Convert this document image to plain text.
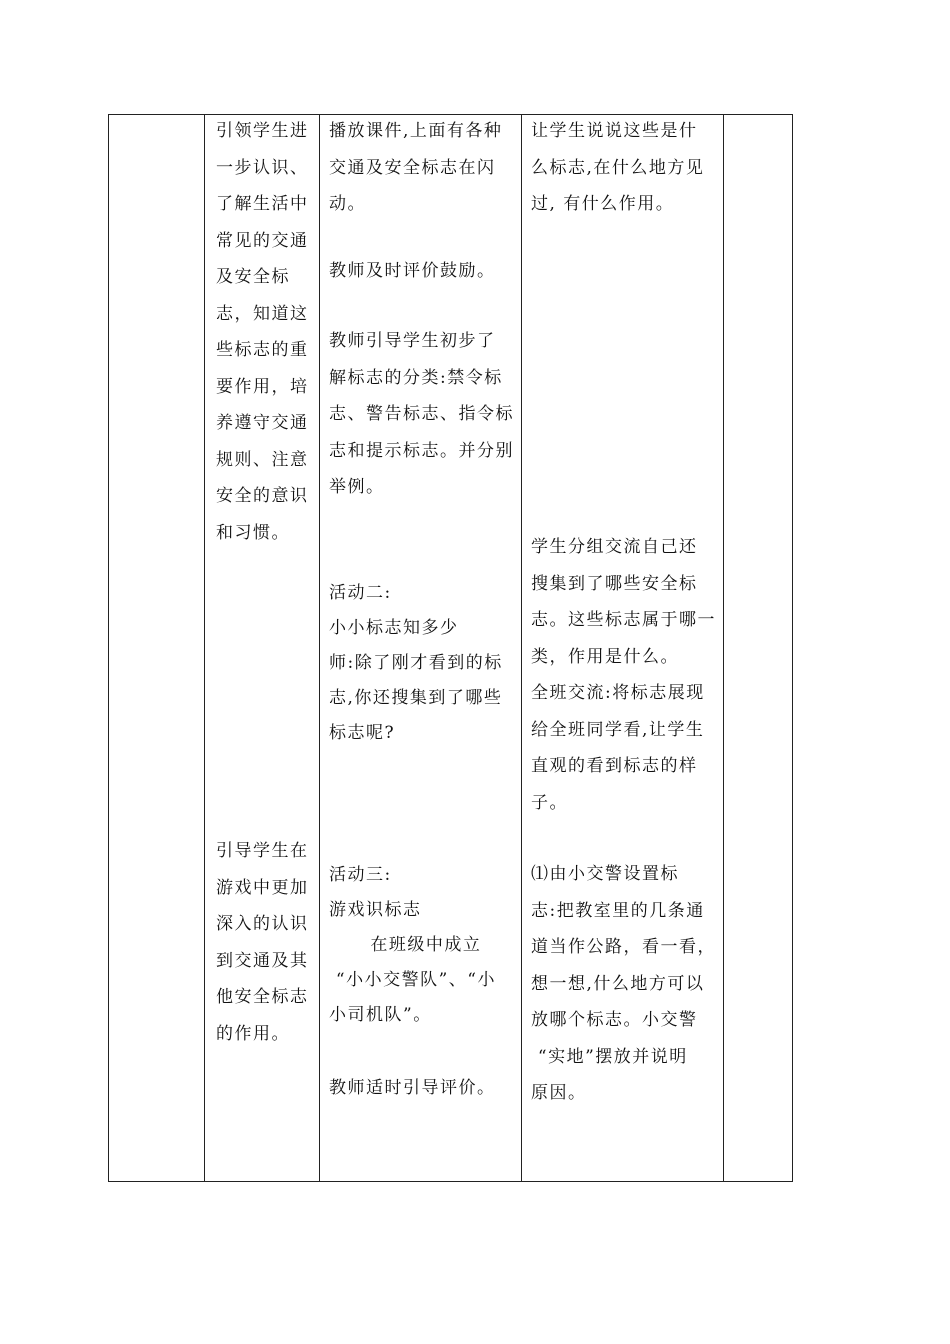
引领学生进
一步认识、
了解生活中
常见的交通
及安全标
志，知道这
些标志的重
要作用，培
养遵守交通
规则、注意
安全的意识
和习惯。
引导学生在
游戏中更加
深入的认识
到交通及其
他安全标志
的作用。
播放课件,上面有各种
交通及安全标志在闪
动。
教师及时评价鼓励。
教师引导学生初步了
解标志的分类:禁令标
志、警告标志、指令标
志和提示标志。并分别
举例。
活动二:
小小标志知多少
师:除了刚才看到的标
志,你还搜集到了哪些
标志呢?
活动三:
游戏识标志
在班级中成立
“小小交警队”、“小
小司机队”。
教师适时引导评价。
让学生说说这些是什
么标志,在什么地方见
过, 有什么作用。
学生分组交流自己还
搜集到了哪些安全标
志。这些标志属于哪一
类，作用是什么。
全班交流:将标志展现
给全班同学看,让学生
直观的看到标志的样
子。
⑴由小交警设置标
志:把教室里的几条通
道当作公路，看一看，
想一想,什么地方可以
放哪个标志。小交警
“实地”摆放并说明
原因。
